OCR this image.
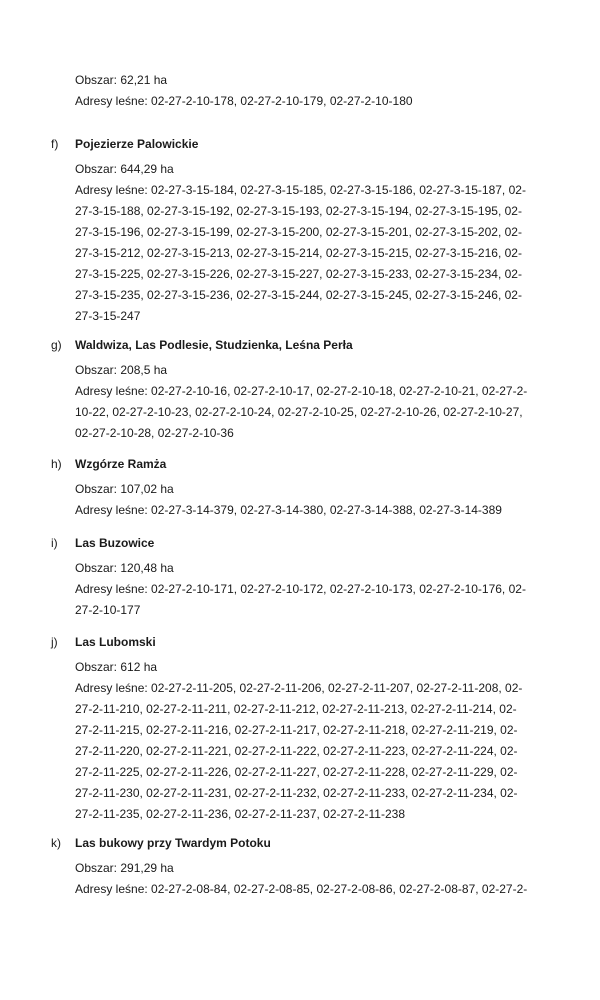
Obszar: 62,21 ha
Adresy leśne: 02-27-2-10-178, 02-27-2-10-179, 02-27-2-10-180
f) Pojezierze Palowickie
Obszar: 644,29 ha
Adresy leśne: 02-27-3-15-184, 02-27-3-15-185, 02-27-3-15-186, 02-27-3-15-187, 02-
27-3-15-188, 02-27-3-15-192, 02-27-3-15-193, 02-27-3-15-194, 02-27-3-15-195, 02-
27-3-15-196, 02-27-3-15-199, 02-27-3-15-200, 02-27-3-15-201, 02-27-3-15-202, 02-
27-3-15-212, 02-27-3-15-213, 02-27-3-15-214, 02-27-3-15-215, 02-27-3-15-216, 02-
27-3-15-225, 02-27-3-15-226, 02-27-3-15-227, 02-27-3-15-233, 02-27-3-15-234, 02-
27-3-15-235, 02-27-3-15-236, 02-27-3-15-244, 02-27-3-15-245, 02-27-3-15-246, 02-
27-3-15-247
g) Waldwiza, Las Podlesie, Studzienka, Leśna Perła
Obszar: 208,5 ha
Adresy leśne: 02-27-2-10-16, 02-27-2-10-17, 02-27-2-10-18, 02-27-2-10-21, 02-27-2-
10-22, 02-27-2-10-23, 02-27-2-10-24, 02-27-2-10-25, 02-27-2-10-26, 02-27-2-10-27,
02-27-2-10-28, 02-27-2-10-36
h) Wzgórze Ramża
Obszar: 107,02 ha
Adresy leśne: 02-27-3-14-379, 02-27-3-14-380, 02-27-3-14-388, 02-27-3-14-389
i) Las Buzowice
Obszar: 120,48 ha
Adresy leśne: 02-27-2-10-171, 02-27-2-10-172, 02-27-2-10-173, 02-27-2-10-176, 02-
27-2-10-177
j) Las Lubomski
Obszar: 612 ha
Adresy leśne: 02-27-2-11-205, 02-27-2-11-206, 02-27-2-11-207, 02-27-2-11-208, 02-
27-2-11-210, 02-27-2-11-211, 02-27-2-11-212, 02-27-2-11-213, 02-27-2-11-214, 02-
27-2-11-215, 02-27-2-11-216, 02-27-2-11-217, 02-27-2-11-218, 02-27-2-11-219, 02-
27-2-11-220, 02-27-2-11-221, 02-27-2-11-222, 02-27-2-11-223, 02-27-2-11-224, 02-
27-2-11-225, 02-27-2-11-226, 02-27-2-11-227, 02-27-2-11-228, 02-27-2-11-229, 02-
27-2-11-230, 02-27-2-11-231, 02-27-2-11-232, 02-27-2-11-233, 02-27-2-11-234, 02-
27-2-11-235, 02-27-2-11-236, 02-27-2-11-237, 02-27-2-11-238
k) Las bukowy przy Twardym Potoku
Obszar: 291,29 ha
Adresy leśne: 02-27-2-08-84, 02-27-2-08-85, 02-27-2-08-86, 02-27-2-08-87, 02-27-2-
